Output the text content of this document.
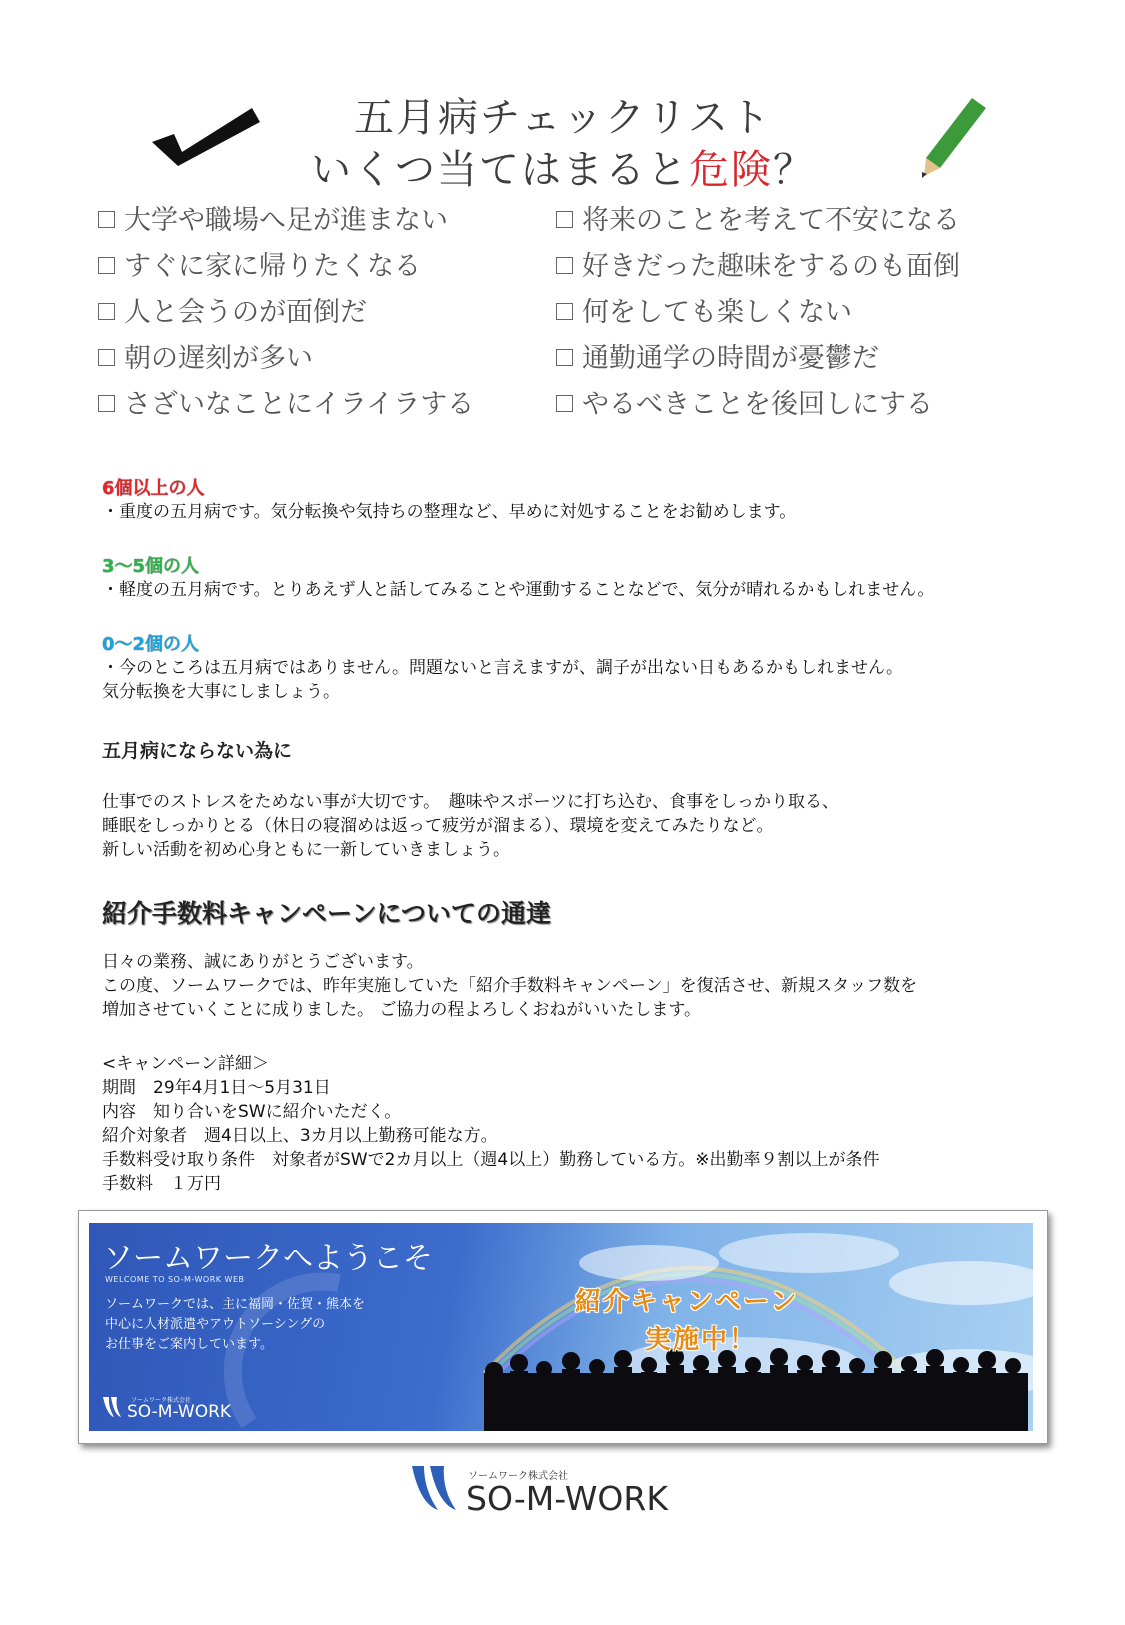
五月病チェックリスト
いくつ当てはまると危険？
大学や職場へ足が進まない
すぐに家に帰りたくなる
人と会うのが面倒だ
朝の遅刻が多い
さざいなことにイライラする
将来のことを考えて不安になる
好きだった趣味をするのも面倒
何をしても楽しくない
通勤通学の時間が憂鬱だ
やるべきことを後回しにする
6個以上の人
・重度の五月病です。気分転換や気持ちの整理など、早めに対処することをお勧めします。
3～5個の人
・軽度の五月病です。とりあえず人と話してみることや運動することなどで、気分が晴れるかもしれません。
0～2個の人
・今のところは五月病ではありません。問題ないと言えますが、調子が出ない日もあるかもしれません。
気分転換を大事にしましょう。
五月病にならない為に
仕事でのストレスをためない事が大切です。　趣味やスポーツに打ち込む、食事をしっかり取る、
睡眠をしっかりとる（休日の寝溜めは返って疲労が溜まる）、環境を変えてみたりなど。
新しい活動を初め心身ともに一新していきましょう。
紹介手数料キャンペーンについての通達
日々の業務、誠にありがとうございます。
この度、ソームワークでは、昨年実施していた「紹介手数料キャンペーン」を復活させ、新規スタッフ数を
増加させていくことに成りました。 ご協力の程よろしくおねがいいたします。
<キャンペーン詳細＞
期間　29年4月1日～5月31日
内容　知り合いをSWに紹介いただく。
紹介対象者　週4日以上、3カ月以上勤務可能な方。
手数料受け取り条件　対象者がSWで2カ月以上（週4以上）勤務している方。※出勤率９割以上が条件
手数料　１万円
ソームワークへようこそ
WELCOME TO SO-M-WORK WEB
ソームワークでは、主に福岡・佐賀・熊本を
中心に人材派遣やアウトソーシングの
お仕事をご案内しています。
ソームワーク株式会社
SO-M-WORK
紹介キャンペーン
実施中！
ソームワーク株式会社
SO-M-WORK
